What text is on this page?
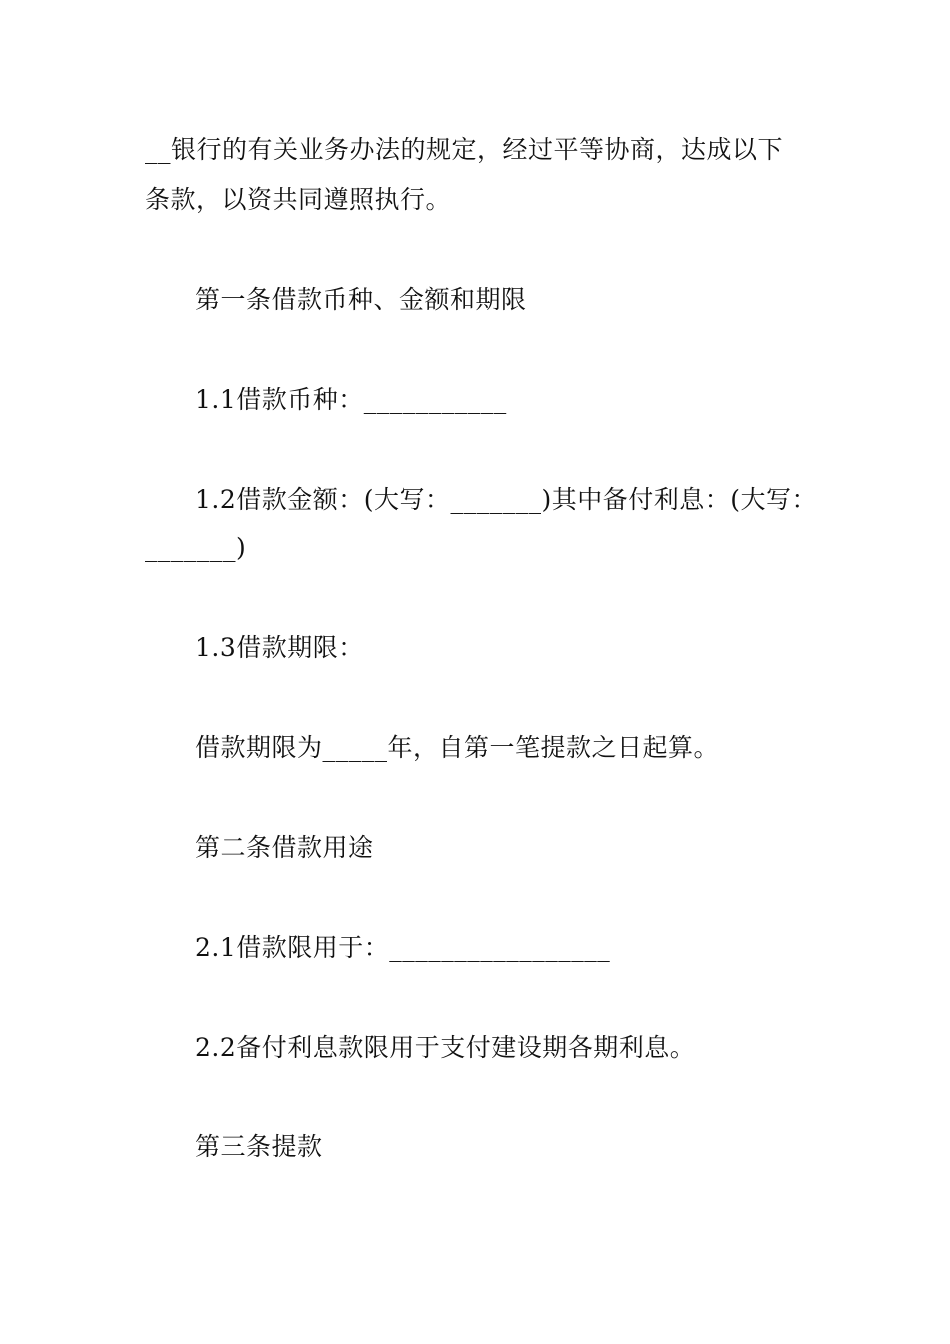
__银行的有关业务办法的规定，经过平等协商，达成以下
条款，以资共同遵照执行。
第一条借款币种、金额和期限
1.1借款币种：___________
1.2借款金额：(大写：_______)其中备付利息：(大写：
_______)
1.3借款期限：
借款期限为_____年，自第一笔提款之日起算。
第二条借款用途
2.1借款限用于：_________________
2.2备付利息款限用于支付建设期各期利息。
第三条提款
